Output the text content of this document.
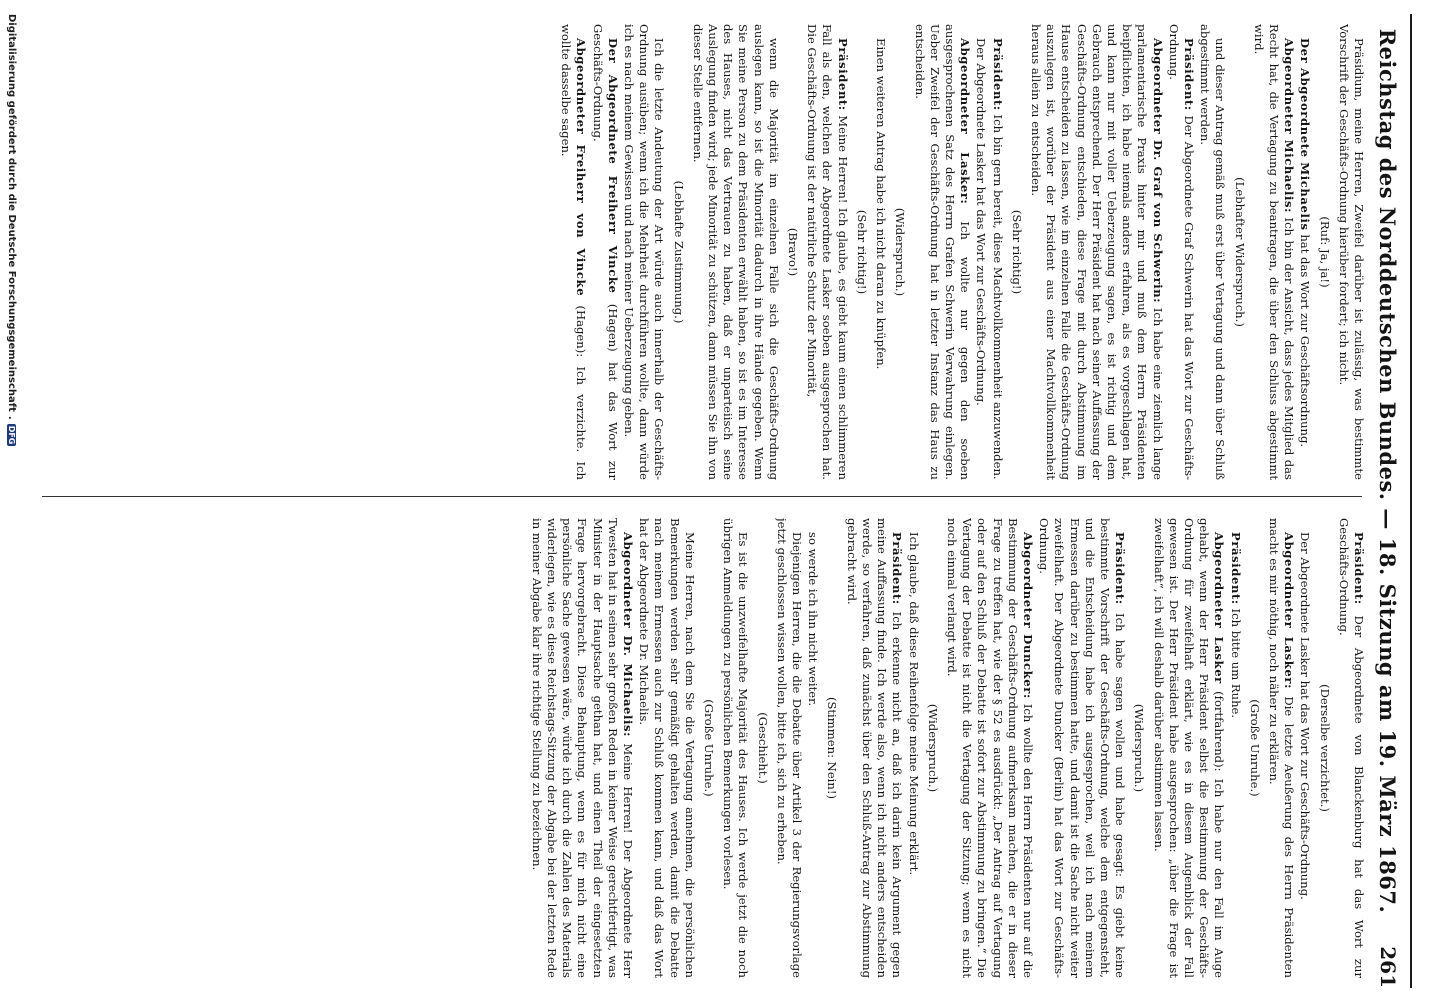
Reichstag des Norddeutschen Bundes. — 18. Sitzung am 19. März 1867.
261

Präsidium, meine Herren, Zweifel darüber ist zulässig, was bestimmte Vorschrift der Geschäfts-Ordnung hierüber fordert; ich nicht.

(Ruf: Ja, ja!)

Der Abgeordnete Michaelis hat das Wort zur Geschäftsordnung.

Abgeordneter Michaelis: Ich bin der Ansicht, dass jedes Mitglied das Recht hat, die Vertagung zu beantragen, die über den Schluss abgestimmt wird.

(Lebhafter Widerspruch.)

und dieser Antrag gemäß muß erst über Vertagung und dann über Schluß abgestimmt werden.

Präsident: Der Abgeordnete Graf Schwerin hat das Wort zur Geschäfts-Ordnung.

Abgeordneter Dr. Graf von Schwerin: Ich habe eine ziemlich lange parlamentarische Praxis hinter mir und muß dem Herrn Präsidenten beipflichten, ich habe niemals anders erfahren, als es vorgeschlagen hat, und kann nur mit voller Ueberzeugung sagen, es ist richtig und dem Gebrauch entsprechend. Der Herr Präsident hat nach seiner Auffassung der Geschäfts-Ordnung entschieden, diese Frage mit durch Abstimmung im Hause entscheiden zu lassen, wie im einzelnen Falle die Geschäfts-Ordnung auszulegen ist, worüber der Präsident aus einer Machtvollkommenheit heraus allein zu entscheiden.

(Sehr richtig!)

Präsident: Ich bin gern bereit, diese Machtvollkommenheit anzuwenden.

Der Abgeordnete Lasker hat das Wort zur Geschäfts-Ordnung.

Abgeordneter Lasker: Ich wollte nur gegen den soeben ausgesprochenen Satz des Herrn Grafen Schwerin Verwahrung einlegen. Ueber Zweifel der Geschäfts-Ordnung hat in letzter Instanz das Haus zu entscheiden.

(Widerspruch.)

Einen weiteren Antrag habe ich nicht daran zu knüpfen.

(Sehr richtig!)

Präsident: Meine Herren! Ich glaube, es giebt kaum einen schlimmeren Fall als den, welchen der Abgeordnete Lasker soeben ausgesprochen hat. Die Geschäfts-Ordnung ist der natürliche Schutz der Minorität,

(Bravo!)

wenn die Majorität im einzelnen Falle sich die Geschäfts-Ordnung auslegen kann, so ist die Minorität dadurch in ihre Hände gegeben. Wenn Sie meine Person zu dem Präsidenten erwählt haben, so ist es im Interesse des Hauses, nicht das Vertrauen zu haben, daß er unparteiisch seine Auslegung finden wird; jede Minorität zu schützen, dann müssen Sie ihn von dieser Stelle entfernen.

(Lebhafte Zustimmung.)

Ich die letzte Andeutung der Art würde auch innerhalb der Geschäfts-Ordnung ausüben; wenn ich die Mehrheit durchführen wollte, dann würde ich es nach meinem Gewissen und nach meiner Ueberzeugung geben.

Der Abgeordnete Freiherr Vincke (Hagen) hat das Wort zur Geschäfts-Ordnung.

Abgeordneter Freiherr von Vincke (Hagen): Ich verzichte. Ich wollte dasselbe sagen.

Präsident: Der Abgeordnete von Blanckenburg hat das Wort zur Geschäfts-Ordnung.

(Derselbe verzichtet.)

Der Abgeordnete Lasker hat das Wort zur Geschäfts-Ordnung.

Abgeordneter Lasker: Die letzte Aeußerung des Herrn Präsidenten macht es mir nöthig, noch näher zu erklären.

(Große Unruhe.)

Präsident: Ich bitte um Ruhe.

Abgeordneter Lasker (fortfahrend): Ich habe nur den Fall im Auge gehabt, wenn der Herr Präsident selbst die Bestimmung der Geschäfts-Ordnung für zweifelhaft erklärt, wie es in diesem Augenblick der Fall gewesen ist. Der Herr Präsident habe ausgesprochen: „über die Frage ist zweifelhaft“, ich will deshalb darüber abstimmen lassen.

(Widerspruch.)

Präsident: Ich habe sagen wollen und habe gesagt: Es giebt keine bestimmte Vorschrift der Geschäfts-Ordnung, welche dem entgegensteht, und die Entscheidung habe ich ausgesprochen, weil ich nach meinem Ermessen darüber zu bestimmen hatte, und damit ist die Sache nicht weiter zweifelhaft. Der Abgeordnete Duncker (Berlin) hat das Wort zur Geschäfts-Ordnung.

Abgeordneter Duncker: Ich wollte den Herrn Präsidenten nur auf die Bestimmung der Geschäfts-Ordnung aufmerksam machen, die er in dieser Frage zu treffen hat, wie der § 52 es ausdrückt: „Der Antrag auf Vertagung oder auf den Schluß der Debatte ist sofort zur Abstimmung zu bringen.“ Die Vertagung der Debatte ist nicht die Vertagung der Sitzung; wenn es nicht noch einmal verlangt wird.

(Widerspruch.)

Ich glaube, daß diese Reihenfolge meine Meinung erklärt.

Präsident: Ich erkenne nicht an, daß ich darin kein Argument gegen meine Auffassung finde. Ich werde also, wenn ich nicht anders entscheiden werde, so verfahren, daß zunächst über den Schluß-Antrag zur Abstimmung gebracht wird.

(Stimmen: Nein!)

so werde ich ihn nicht weiter.

Diejenigen Herren, die die Debatte über Artikel 3 der Regierungsvorlage jetzt geschlossen wissen wollen, bitte ich, sich zu erheben.

(Geschieht.)

Es ist die unzweifelhafte Majorität des Hauses. Ich werde jetzt die noch übrigen Anmeldungen zu persönlichen Bemerkungen vorlesen.

(Große Unruhe.)

Meine Herren, nach dem Sie die Vertagung annehmen, die persönlichen Bemerkungen werden sehr gemäßigt gehalten werden, damit die Debatte nach meinem Ermessen auch zur Schluß kommen kann, und daß das Wort hat der Abgeordnete Dr. Michaelis.

Abgeordneter Dr. Michaelis: Meine Herren! Der Abgeordnete Herr Twesten hat in seinen sehr großen Reden in keiner Weise gerechtfertigt, was Minister in der Hauptsache gethan hat, und einen Theil der eingesetzten Frage hervorgebracht. Diese Behauptung, wenn es für mich nicht eine persönliche Sache gewesen wäre, würde ich durch die Zahlen des Materials widerlegen, wie es diese Reichstags-Sitzung der Abgabe bei der letzten Rede in meiner Abgabe klar ihre richtige Stellung zu bezeichnen.

Digitalisierung gefördert durch die Deutsche Forschungsgemeinschaft
.
DFG
